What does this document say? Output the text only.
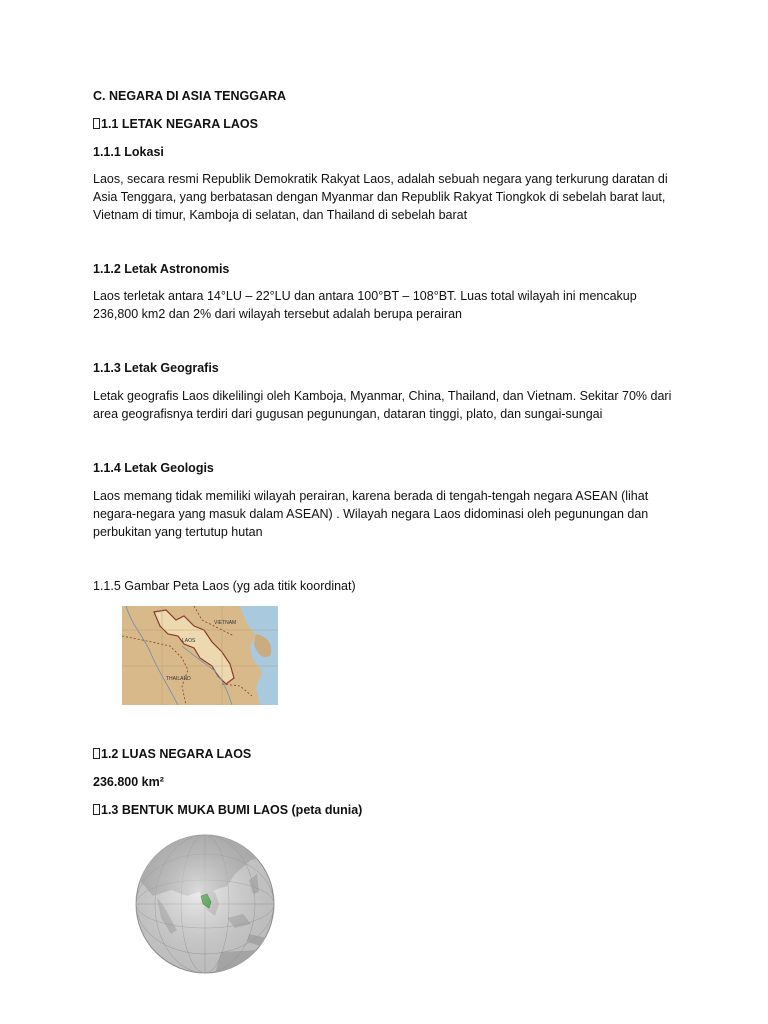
C. NEGARA DI ASIA TENGGARA
1.1 LETAK NEGARA LAOS
1.1.1 Lokasi
Laos, secara resmi Republik Demokratik Rakyat Laos, adalah sebuah negara yang terkurung daratan di Asia Tenggara, yang berbatasan dengan Myanmar dan Republik Rakyat Tiongkok di sebelah barat laut, Vietnam di timur, Kamboja di selatan, dan Thailand di sebelah barat
1.1.2 Letak Astronomis
Laos terletak antara 14°LU – 22°LU dan antara 100°BT – 108°BT. Luas total wilayah ini mencakup 236,800 km2 dan 2% dari wilayah tersebut adalah berupa perairan
1.1.3 Letak Geografis
Letak geografis Laos dikelilingi oleh Kamboja, Myanmar, China, Thailand, dan Vietnam. Sekitar 70% dari area geografisnya terdiri dari gugusan pegunungan, dataran tinggi, plato, dan sungai-sungai
1.1.4 Letak Geologis
Laos memang tidak memiliki wilayah perairan, karena berada di tengah-tengah negara ASEAN (lihat negara-negara yang masuk dalam ASEAN) . Wilayah negara Laos didominasi oleh pegunungan dan perbukitan yang tertutup hutan
1.1.5 Gambar Peta Laos (yg ada titik koordinat)
LAOS
VIETNAM
THAILAND
1.2 LUAS NEGARA LAOS
236.800 km²
1.3 BENTUK MUKA BUMI LAOS (peta dunia)
